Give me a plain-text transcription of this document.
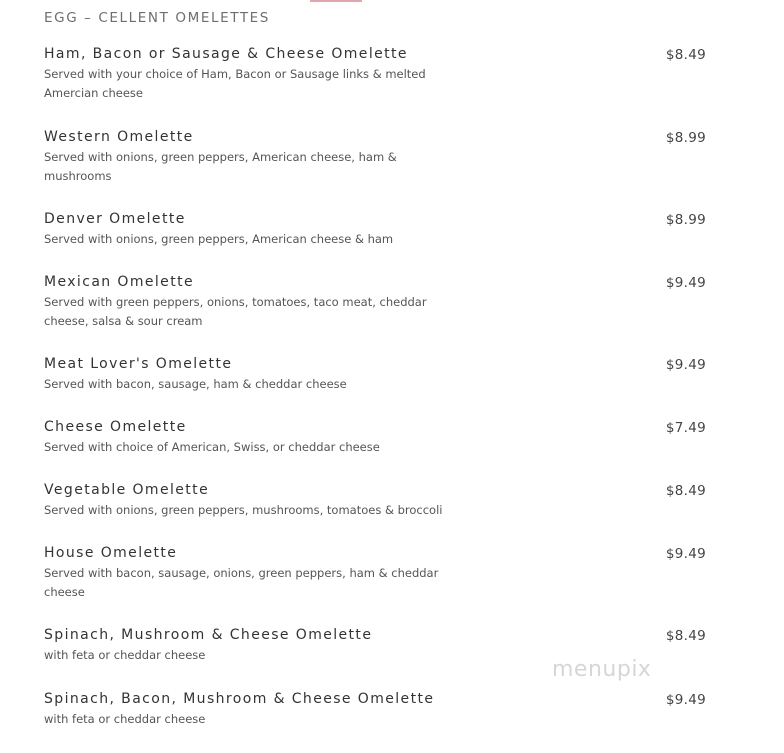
EGG – CELLENT OMELETTES
Ham, Bacon or Sausage & Cheese Omelette
Served with your choice of Ham, Bacon or Sausage links & melted Amercian cheese
$8.49
Western Omelette
Served with onions, green peppers, American cheese, ham & mushrooms
$8.99
Denver Omelette
Served with onions, green peppers, American cheese & ham
$8.99
Mexican Omelette
Served with green peppers, onions, tomatoes, taco meat, cheddar cheese, salsa & sour cream
$9.49
Meat Lover's Omelette
Served with bacon, sausage, ham & cheddar cheese
$9.49
Cheese Omelette
Served with choice of American, Swiss, or cheddar cheese
$7.49
Vegetable Omelette
Served with onions, green peppers, mushrooms, tomatoes & broccoli
$8.49
House Omelette
Served with bacon, sausage, onions, green peppers, ham & cheddar cheese
$9.49
Spinach, Mushroom & Cheese Omelette
with feta or cheddar cheese
$8.49
Spinach, Bacon, Mushroom & Cheese Omelette
with feta or cheddar cheese
$9.49
menupix
